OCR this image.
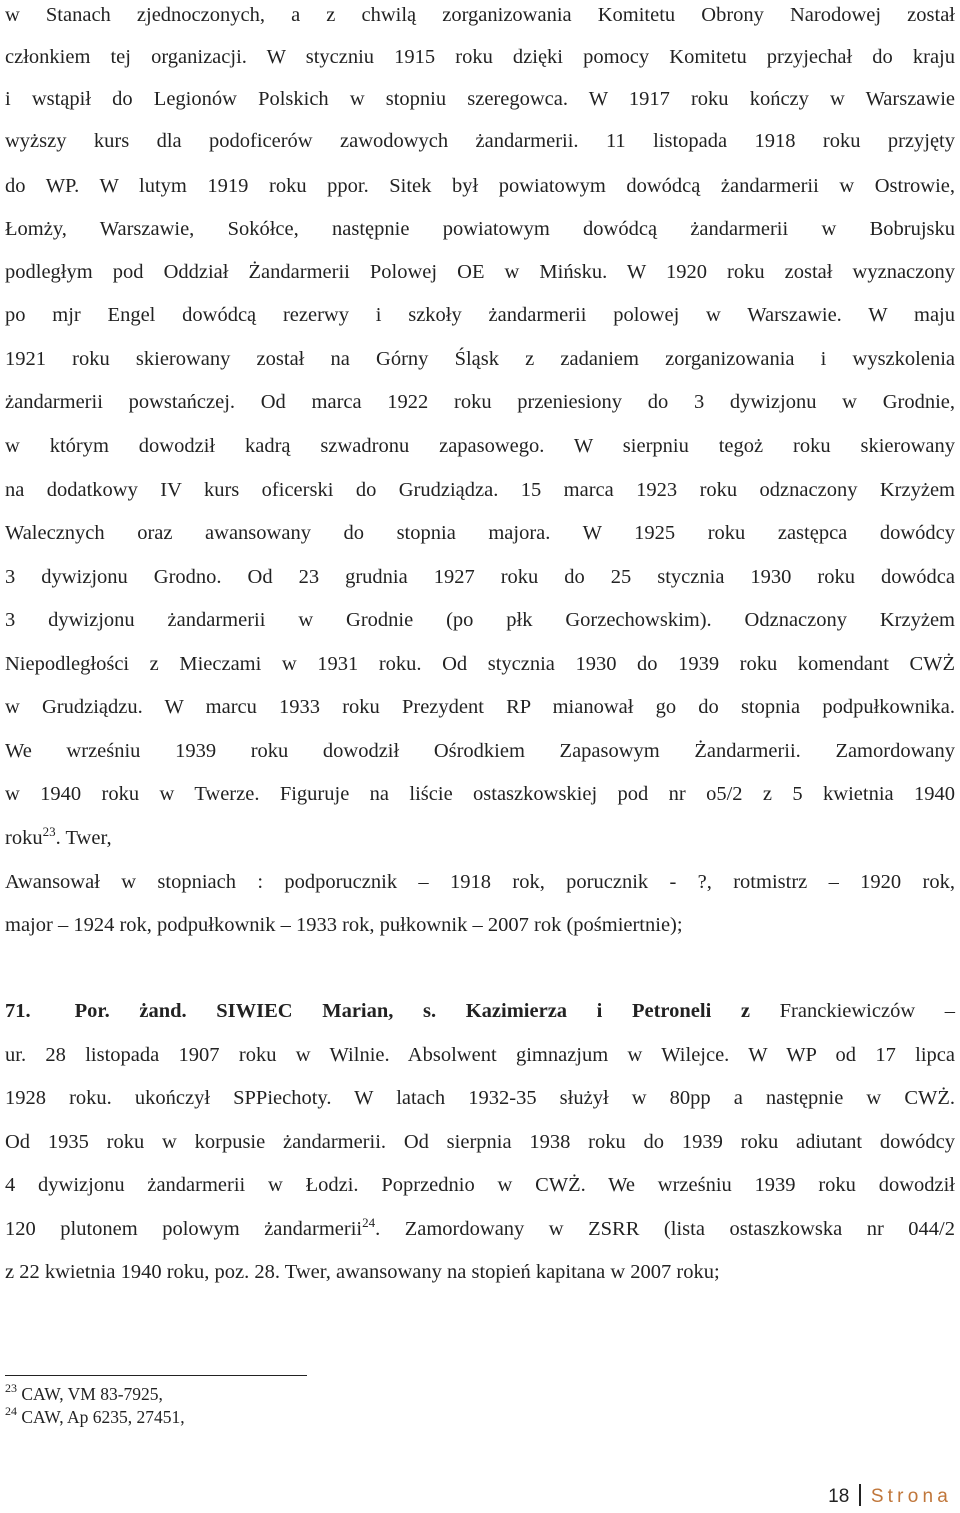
w Stanach zjednoczonych, a z chwilą zorganizowania Komitetu Obrony Narodowej został
członkiem tej organizacji. W styczniu 1915 roku dzięki pomocy Komitetu przyjechał do kraju
i wstąpił do Legionów Polskich w stopniu szeregowca. W 1917 roku kończy w Warszawie
wyższy kurs dla podoficerów zawodowych żandarmerii. 11 listopada 1918 roku przyjęty
do WP. W lutym 1919 roku ppor. Sitek był powiatowym dowódcą żandarmerii w Ostrowie,
Łomży, Warszawie, Sokółce, następnie powiatowym dowódcą żandarmerii w Bobrujsku
podległym pod Oddział Żandarmerii Polowej OE w Mińsku. W 1920 roku został wyznaczony
po mjr Engel dowódcą rezerwy i szkoły żandarmerii polowej w Warszawie. W maju
1921 roku skierowany został na Górny Śląsk z zadaniem zorganizowania i wyszkolenia
żandarmerii powstańczej. Od marca 1922 roku przeniesiony do 3 dywizjonu w Grodnie,
w którym dowodził kadrą szwadronu zapasowego. W sierpniu tegoż roku skierowany
na dodatkowy IV kurs oficerski do Grudziądza. 15 marca 1923 roku odznaczony Krzyżem
Walecznych oraz awansowany do stopnia majora. W 1925 roku zastępca dowódcy
3 dywizjonu Grodno. Od 23 grudnia 1927 roku do 25 stycznia 1930 roku dowódca
3 dywizjonu żandarmerii w Grodnie (po płk Gorzechowskim). Odznaczony Krzyżem
Niepodległości z Mieczami w 1931 roku. Od stycznia 1930 do 1939 roku komendant CWŻ
w Grudziądzu. W marcu 1933 roku Prezydent RP mianował go do stopnia podpułkownika.
We wrześniu 1939 roku dowodził Ośrodkiem Zapasowym Żandarmerii. Zamordowany
w 1940 roku w Twerze. Figuruje na liście ostaszkowskiej pod nr o5/2 z 5 kwietnia 1940
roku$^{23}$. Twer,
Awansował w stopniach : podporucznik – 1918 rok, porucznik - ?, rotmistrz – 1920 rok,
major – 1924 rok, podpułkownik – 1933 rok, pułkownik – 2007 rok (pośmiertnie);
71. Por. żand. SIWIEC Marian, s. Kazimierza i Petroneli z Franckiewiczów –
ur. 28 listopada 1907 roku w Wilnie. Absolwent gimnazjum w Wilejce. W WP od 17 lipca
1928 roku. ukończył SPPiechoty. W latach 1932-35 służył w 80pp a następnie w CWŻ.
Od 1935 roku w korpusie żandarmerii. Od sierpnia 1938 roku do 1939 roku adiutant dowódcy
4 dywizjonu żandarmerii w Łodzi. Poprzednio w CWŻ. We wrześniu 1939 roku dowodził
120 plutonem polowym żandarmerii$^{24}$. Zamordowany w ZSRR (lista ostaszkowska nr 044/2
z 22 kwietnia 1940 roku, poz. 28. Twer, awansowany na stopień kapitana w 2007 roku;
$^{23}$ CAW, VM 83-7925,
$^{24}$ CAW, Ap 6235, 27451,
18 Strona
